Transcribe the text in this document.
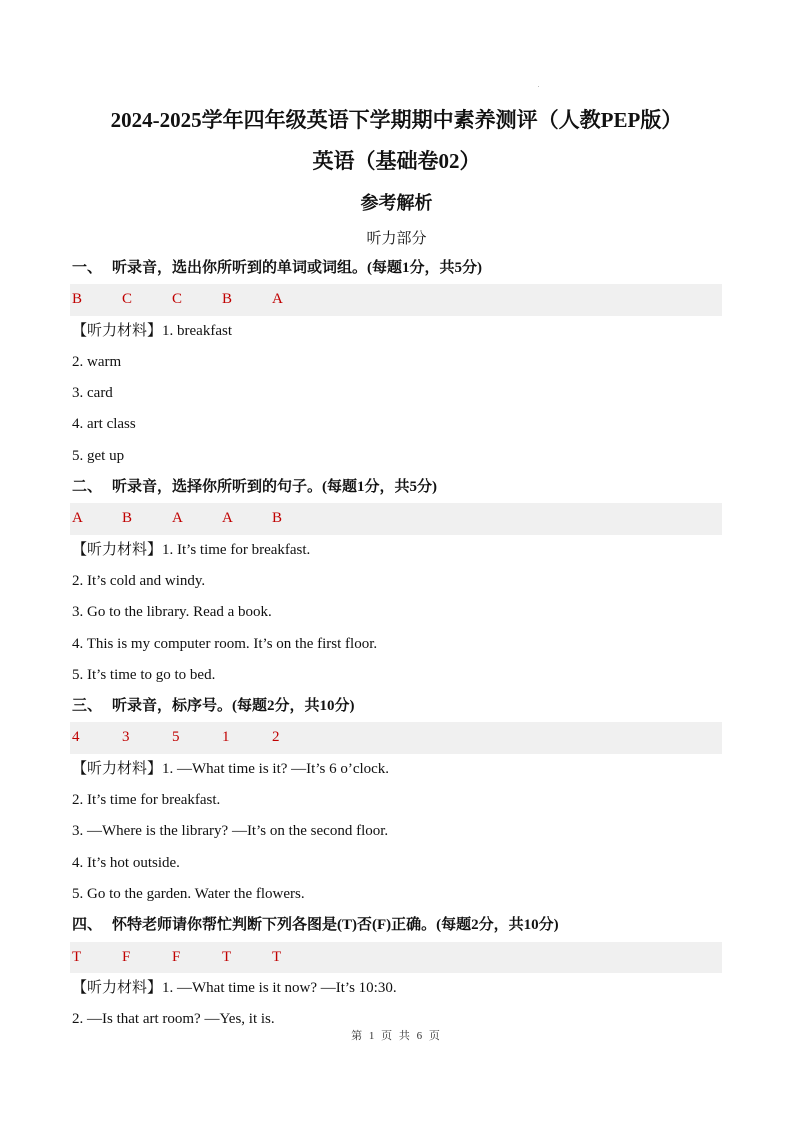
2024-2025学年四年级英语下学期期中素养测评（人教PEP版）
英语（基础卷02）
参考解析
听力部分
一、 听录音，选出你所听到的单词或词组。(每题1分，共5分)
B	C	C	B	A
【听力材料】1. breakfast
2. warm
3. card
4. art class
5. get up
二、 听录音，选择你所听到的句子。(每题1分，共5分)
A	B	A	A	B
【听力材料】1. It’s time for breakfast.
2. It’s cold and windy.
3. Go to the library. Read a book.
4. This is my computer room. It’s on the first floor.
5. It’s time to go to bed.
三、 听录音，标序号。(每题2分，共10分)
4	3	5	1	2
【听力材料】1. —What time is it? —It’s 6 o’clock.
2. It’s time for breakfast.
3. —Where is the library? —It’s on the second floor.
4. It’s hot outside.
5. Go to the garden. Water the flowers.
四、 怀特老师请你帮忙判断下列各图是(T)否(F)正确。(每题2分，共10分)
T	F	F	T	T
【听力材料】1. —What time is it now? —It’s 10:30.
2. —Is that art room? —Yes, it is.
第 1 页 共 6 页
